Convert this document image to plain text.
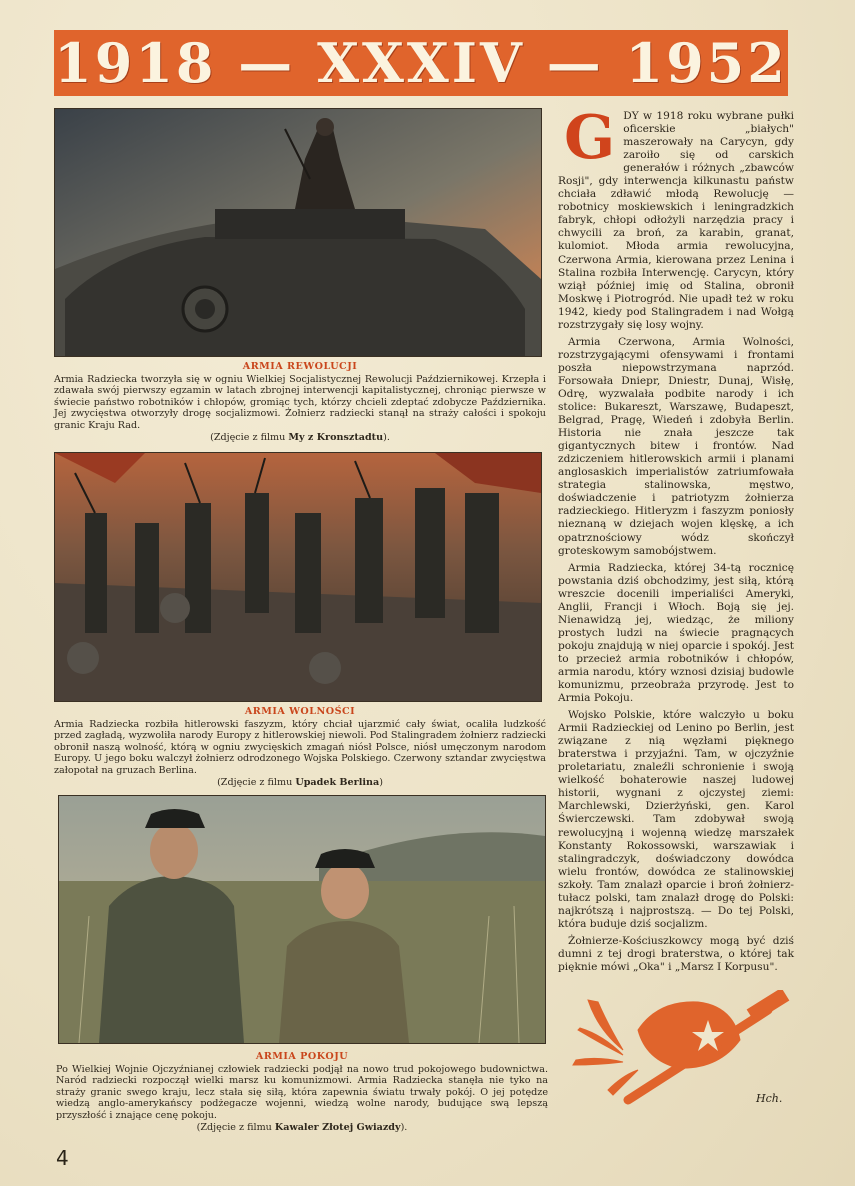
1918 — XXXIV — 1952
ARMIA REWOLUCJI

Armia Radziecka tworzyła się w ogniu Wielkiej Socjalistycznej Rewolucji Październikowej. Krzepła i zdawała swój pierwszy egzamin w latach zbrojnej interwencji kapitalistycznej, chroniąc pierwsze w świecie państwo robotników i chłopów, gromiąc tych, którzy chcieli zdeptać zdobycze Października. Jej zwycięstwa otworzyły drogę socjalizmowi. Żołnierz radziecki stanął na straży całości i spokoju granic Kraju Rad.

(Zdjęcie z filmu My z Kronsztadtu).

ARMIA WOLNOŚCI

Armia Radziecka rozbiła hitlerowski faszyzm, który chciał ujarzmić cały świat, ocaliła ludzkość przed zagładą, wyzwoliła narody Europy z hitlerowskiej niewoli. Pod Stalingradem żołnierz radziecki obronił naszą wolność, którą w ogniu zwycięskich zmagań niósł Polsce, niósł umęczonym narodom Europy. U jego boku walczył żołnierz odrodzonego Wojska Polskiego. Czerwony sztandar zwycięstwa załopotał na gruzach Berlina.

(Zdjęcie z filmu Upadek Berlina)

ARMIA POKOJU

Po Wielkiej Wojnie Ojczyźnianej człowiek radziecki podjął na nowo trud pokojowego budownictwa. Naród radziecki rozpoczął wielki marsz ku komunizmowi. Armia Radziecka stanęła nie tyko na straży granic swego kraju, lecz stała się siłą, która zapewnia światu trwały pokój. O jej potędze wiedzą anglo-amerykańscy podżegacze wojenni, wiedzą wolne narody, budujące swą lepszą przyszłość i znające cenę pokoju.

(Zdjęcie z filmu Kawaler Złotej Gwiazdy).

GDY w 1918 roku wybrane pułki oficerskie „białych" maszerowały na Carycyn, gdy zaroiło się od carskich generałów i różnych „zbawców Rosji", gdy interwencja kilkunastu państw chciała zdławić młodą Rewolucję — robotnicy moskiewskich i leningradzkich fabryk, chłopi odłożyli narzędzia pracy i chwycili za broń, za karabin, granat, kulomiot. Młoda armia rewolucyjna, Czerwona Armia, kierowana przez Lenina i Stalina rozbiła Interwencję. Carycyn, który wziął później imię od Stalina, obronił Moskwę i Piotrogród. Nie upadł też w roku 1942, kiedy pod Stalingradem i nad Wołgą rozstrzygały się losy wojny.

Armia Czerwona, Armia Wolności, rozstrzygającymi ofensywami i frontami poszła niepowstrzymana naprzód. Forsowała Dniepr, Dniestr, Dunaj, Wisłę, Odrę, wyzwalała podbite narody i ich stolice: Bukareszt, Warszawę, Budapeszt, Belgrad, Pragę, Wiedeń i zdobyła Berlin. Historia nie znała jeszcze tak gigantycznych bitew i frontów. Nad zdziczeniem hitlerowskich armii i planami anglosaskich imperialistów zatriumfowała strategia stalinowska, męstwo, doświadczenie i patriotyzm żołnierza radzieckiego. Hitleryzm i faszyzm poniosły nieznaną w dziejach wojen klęskę, a ich opatrznościowy wódz skończył groteskowym samobójstwem.

Armia Radziecka, której 34-tą rocznicę powstania dziś obchodzimy, jest siłą, którą wreszcie docenili imperialiści Ameryki, Anglii, Francji i Włoch. Boją się jej. Nienawidzą jej, wiedząc, że miliony prostych ludzi na świecie pragnących pokoju znajdują w niej oparcie i spokój. Jest to przecież armia robotników i chłopów, armia narodu, który wznosi dzisiaj budowle komunizmu, przeobraża przyrodę. Jest to Armia Pokoju.

Wojsko Polskie, które walczyło u boku Armii Radzieckiej od Lenino po Berlin, jest związane z nią węzłami pięknego braterstwa i przyjaźni. Tam, w ojczyźnie proletariatu, znaleźli schronienie i swoją wielkość bohaterowie naszej ludowej historii, wygnani z ojczystej ziemi: Marchlewski, Dzierżyński, gen. Karol Świerczewski. Tam zdobywał swoją rewolucyjną i wojenną wiedzę marszałek Konstanty Rokossowski, warszawiak i stalingradczyk, doświadczony dowódca wielu frontów, dowódca ze stalinowskiej szkoły. Tam znalazł oparcie i broń żołnierz-tułacz polski, tam znalazł drogę do Polski: najkrótszą i najprostszą. — Do tej Polski, która buduje dziś socjalizm.

Żołnierze-Kościuszkowcy mogą być dziś dumni z tej drogi braterstwa, o której tak pięknie mówi „Oka" i „Marsz I Korpusu".

Hch.
4
